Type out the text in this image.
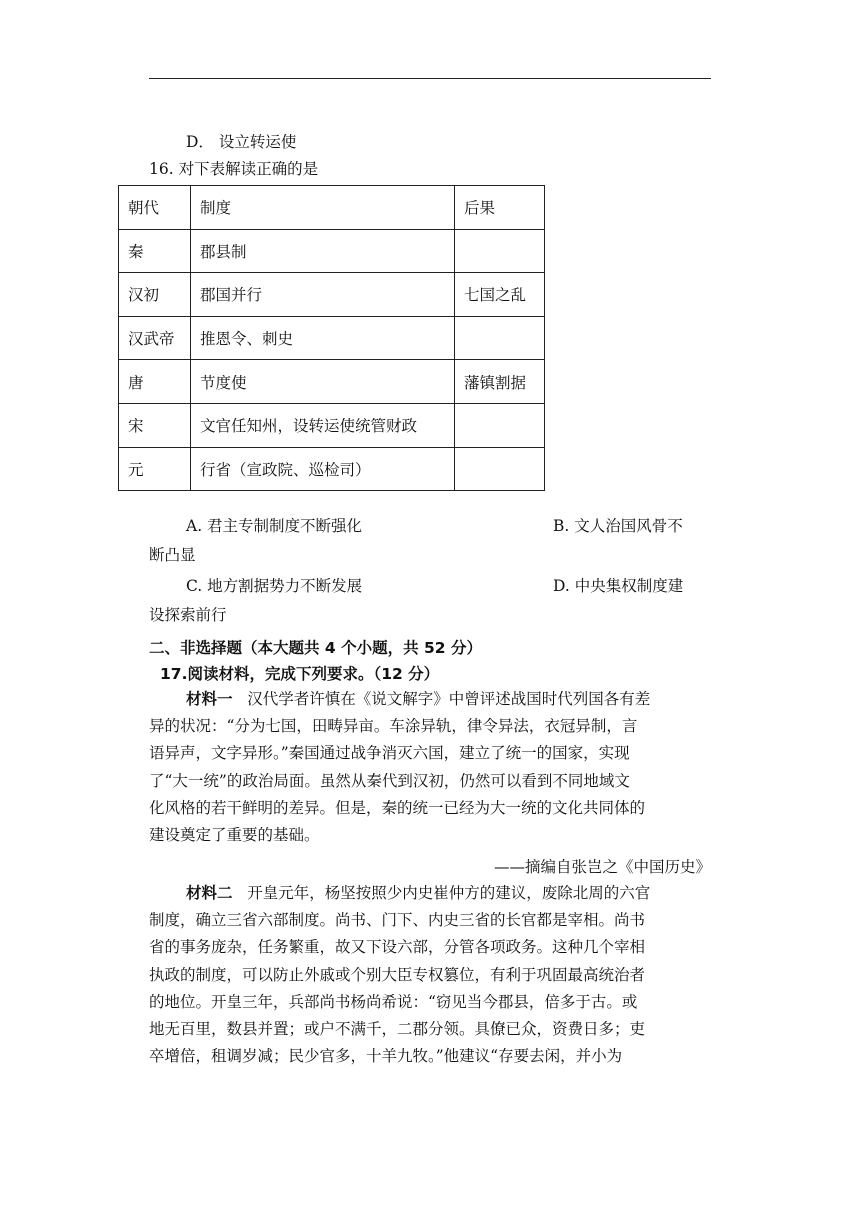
D． 设立转运使
16. 对下表解读正确的是
朝代	制度	后果
秦	郡县制	
汉初	郡国并行	七国之乱
汉武帝	推恩令、刺史	
唐	节度使	藩镇割据
宋	文官任知州，设转运使统管财政	
元	行省（宣政院、巡检司）	
A. 君主专制制度不断强化	B. 文人治国风骨不
断凸显
C. 地方割据势力不断发展	D. 中央集权制度建
设探索前行
二、非选择题（本大题共 4 个小题，共 52 分）
17.阅读材料，完成下列要求。（12 分）
材料一 汉代学者许慎在《说文解字》中曾评述战国时代列国各有差
异的状况：“分为七国，田畴异亩。车涂异轨，律令异法，衣冠异制，言
语异声，文字异形。”秦国通过战争消灭六国，建立了统一的国家，实现
了“大一统”的政治局面。虽然从秦代到汉初，仍然可以看到不同地域文
化风格的若干鲜明的差异。但是，秦的统一已经为大一统的文化共同体的
建设奠定了重要的基础。
——摘编自张岂之《中国历史》
材料二 开皇元年，杨坚按照少内史崔仲方的建议，废除北周的六官
制度，确立三省六部制度。尚书、门下、内史三省的长官都是宰相。尚书
省的事务庞杂，任务繁重，故又下设六部，分管各项政务。这种几个宰相
执政的制度，可以防止外戚或个别大臣专权篡位，有利于巩固最高统治者
的地位。开皇三年，兵部尚书杨尚希说：“窃见当今郡县，倍多于古。或
地无百里，数县并置；或户不满千，二郡分领。具僚已众，资费日多；吏
卒增倍，租调岁减；民少官多，十羊九牧。”他建议“存要去闲，并小为
